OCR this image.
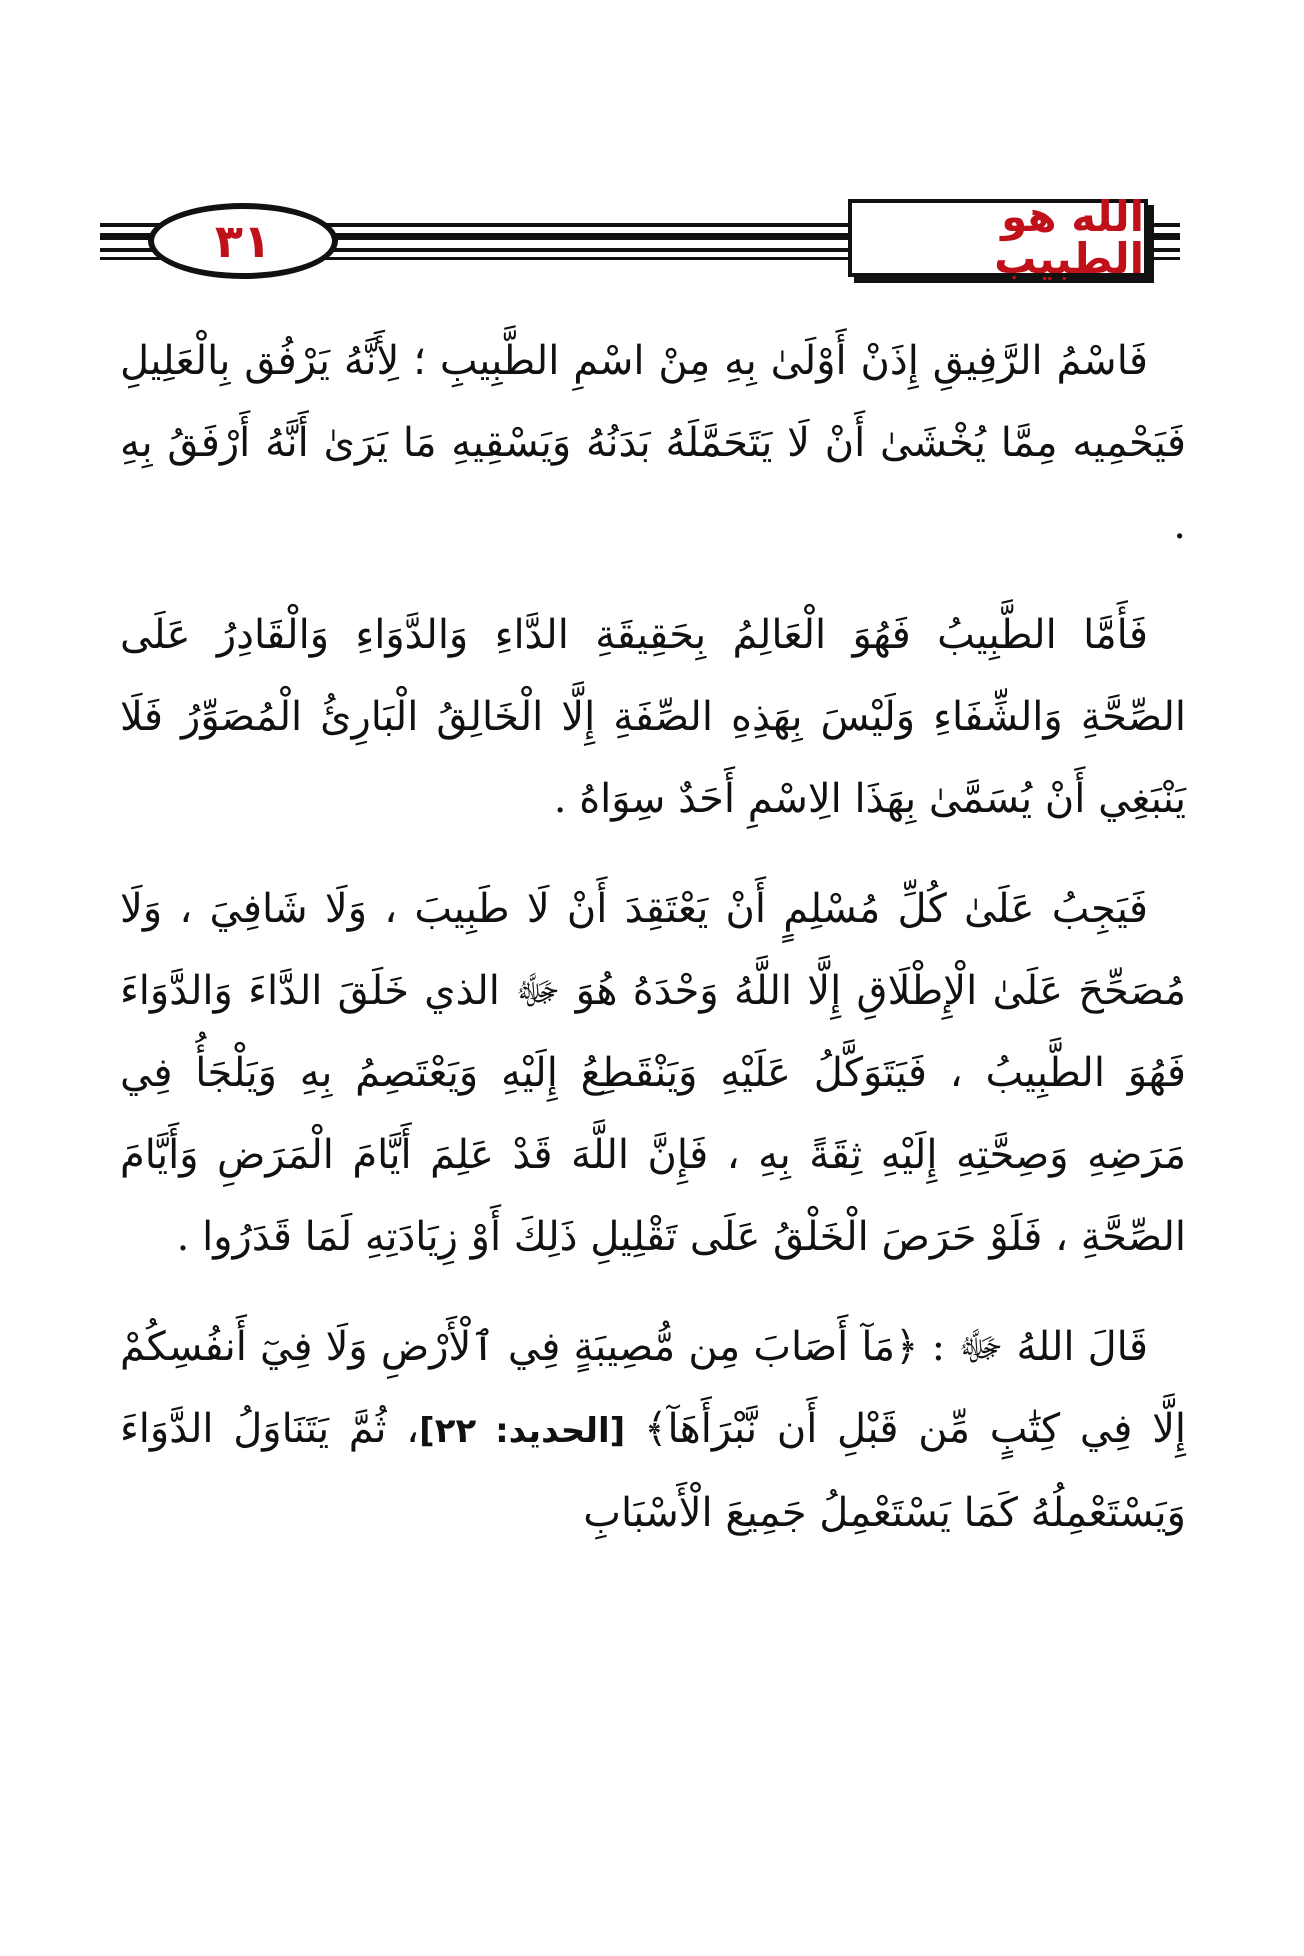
٣١	الله هو الطبيب

فَاسْمُ الرَّفِيقِ إِذَنْ أَوْلَىٰ بِهِ مِنْ اسْمِ الطَّبِيبِ ؛ لِأَنَّهُ يَرْفُق بِالْعَلِيلِ فَيَحْمِيه مِمَّا يُخْشَىٰ أَنْ لَا يَتَحَمَّلَهُ بَدَنُهُ وَيَسْقِيهِ مَا يَرَىٰ أَنَّهُ أَرْفَقُ بِهِ .

فَأَمَّا الطَّبِيبُ فَهُوَ الْعَالِمُ بِحَقِيقَةِ الدَّاءِ وَالدَّوَاءِ وَالْقَادِرُ عَلَى الصِّحَّةِ وَالشِّفَاءِ وَلَيْسَ بِهَذِهِ الصِّفَةِ إِلَّا الْخَالِقُ الْبَارِئُ الْمُصَوِّرُ فَلَا يَنْبَغِي أَنْ يُسَمَّىٰ بِهَذَا الِاسْمِ أَحَدٌ سِوَاهُ .

فَيَجِبُ عَلَىٰ كُلِّ مُسْلِمٍ أَنْ يَعْتَقِدَ أَنْ لَا طَبِيبَ ، وَلَا شَافِيَ ، وَلَا مُصَحِّحَ عَلَىٰ الْإِطْلَاقِ إِلَّا اللَّهُ وَحْدَهُ هُوَ ﷻ الذي خَلَقَ الدَّاءَ وَالدَّوَاءَ فَهُوَ الطَّبِيبُ ، فَيَتَوَكَّلُ عَلَيْهِ وَيَنْقَطِعُ إِلَيْهِ وَيَعْتَصِمُ بِهِ وَيَلْجَأُ فِي مَرَضِهِ وَصِحَّتِهِ إِلَيْهِ ثِقَةً بِهِ ، فَإِنَّ اللَّهَ قَدْ عَلِمَ أَيَّامَ الْمَرَضِ وَأَيَّامَ الصِّحَّةِ ، فَلَوْ حَرَصَ الْخَلْقُ عَلَى تَقْلِيلِ ذَلِكَ أَوْ زِيَادَتِهِ لَمَا قَدَرُوا .

قَالَ اللهُ ﷻ : ﴿مَآ أَصَابَ مِن مُّصِيبَةٍ فِي ٱلْأَرْضِ وَلَا فِيٓ أَنفُسِكُمْ إِلَّا فِي كِتَٰبٍ مِّن قَبْلِ أَن نَّبْرَأَهَآ﴾ [الحديد: ٢٢]، ثُمَّ يَتَنَاوَلُ الدَّوَاءَ وَيَسْتَعْمِلُهُ كَمَا يَسْتَعْمِلُ جَمِيعَ الْأَسْبَابِ
